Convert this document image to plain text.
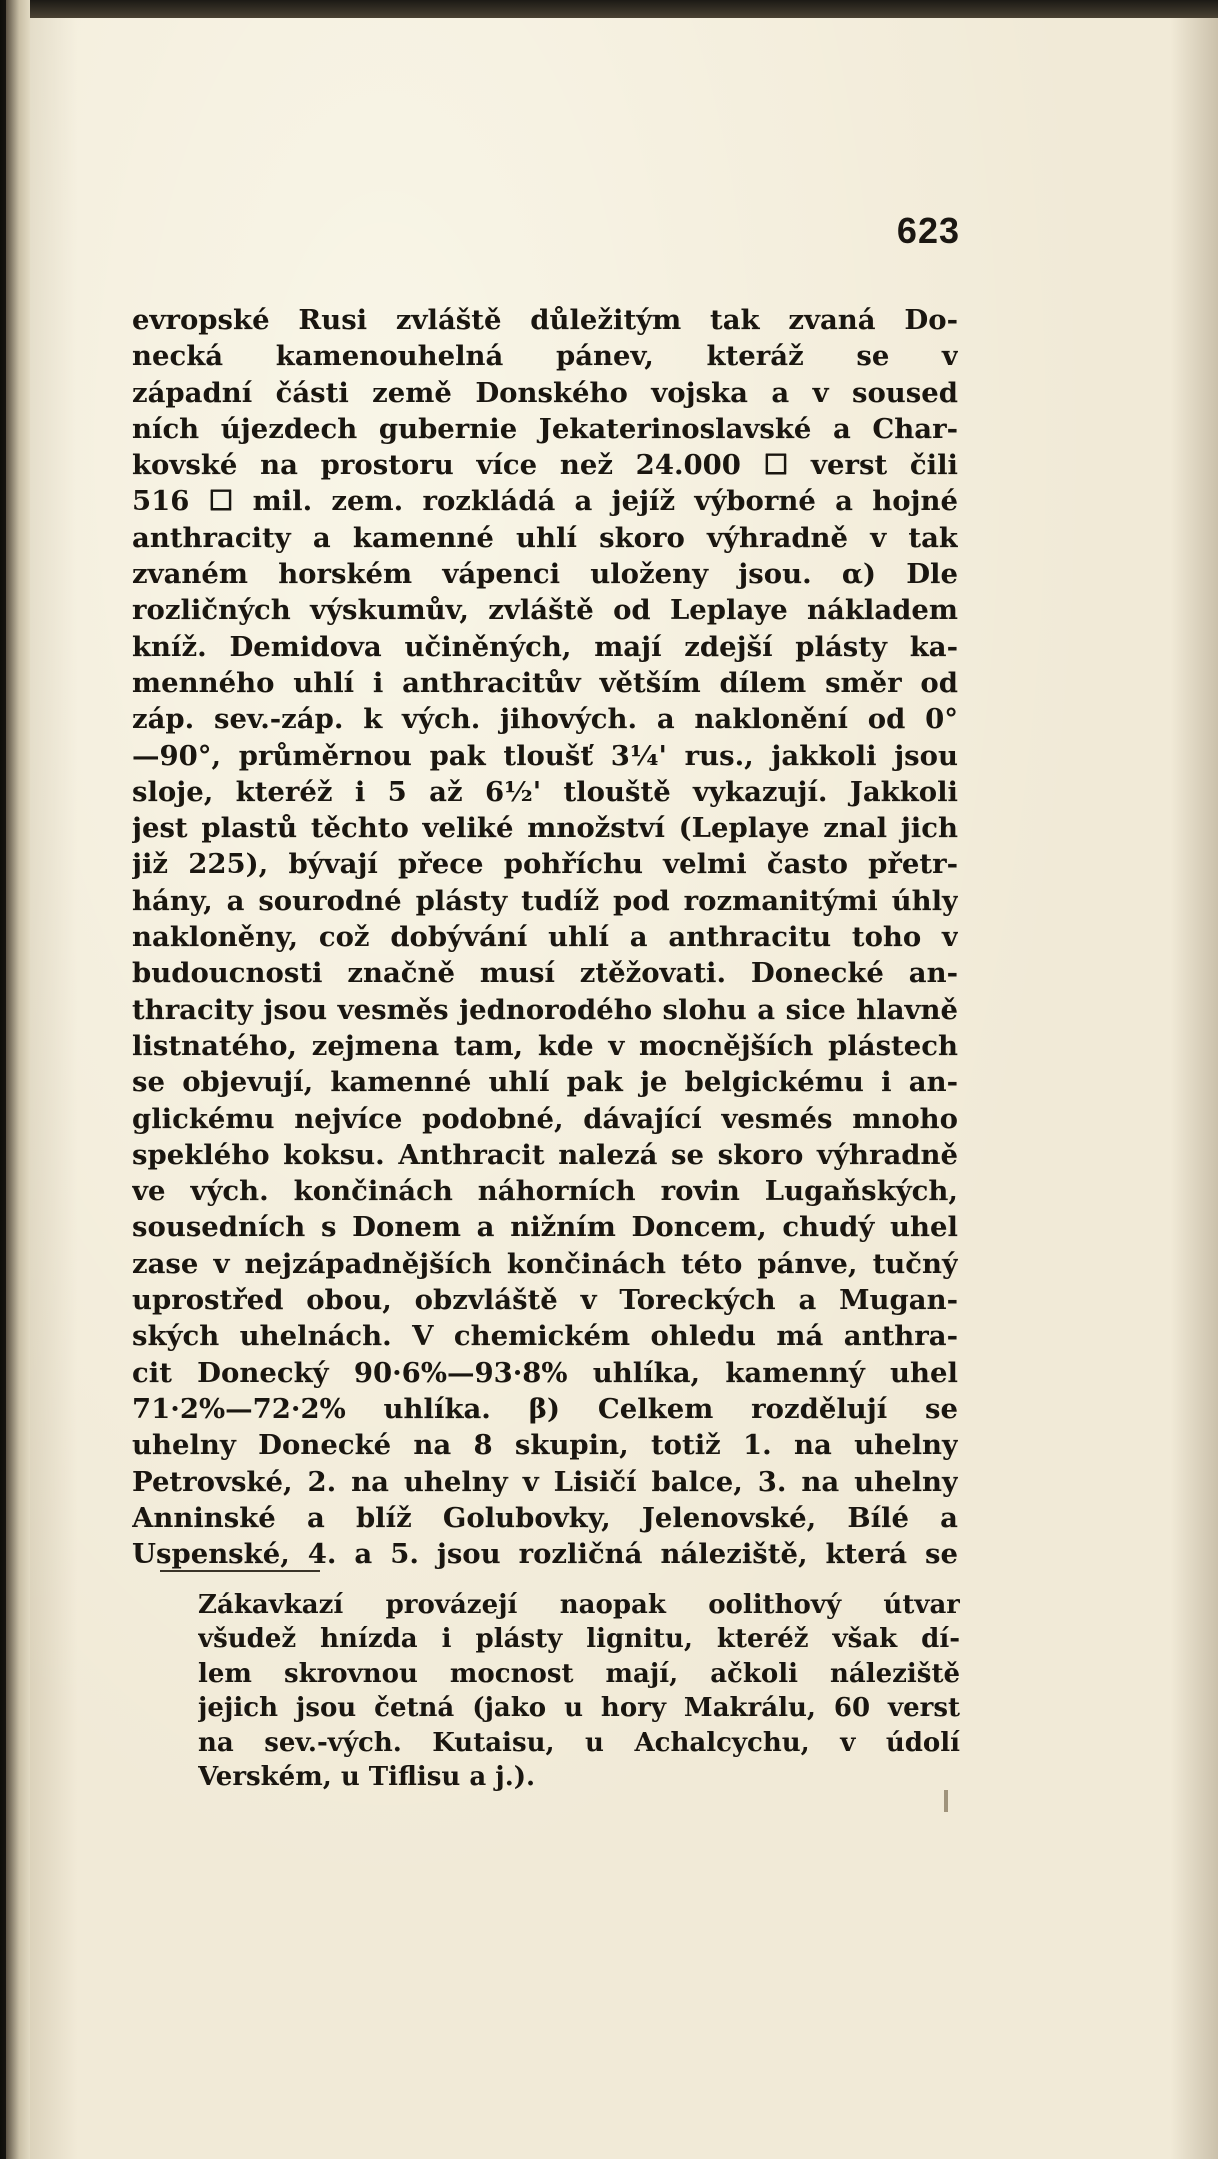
623
evropské Rusi zvláště důležitým tak zvaná Do-
necká kamenouhelná pánev, kteráž se v
západní části země Donského vojska a v soused
ních újezdech gubernie Jekaterinoslavské a Char-
kovské na prostoru více než 24.000 ☐ verst čili
516 ☐ mil. zem. rozkládá a jejíž výborné a hojné
anthracity a kamenné uhlí skoro výhradně v tak
zvaném horském vápenci uloženy jsou. α) Dle
rozličných výskumův, zvláště od Leplaye nákladem
kníž. Demidova učiněných, mají zdejší plásty ka-
menného uhlí i anthracitův větším dílem směr od
záp. sev.-záp. k vých. jihových. a naklonění od 0°
—90°, průměrnou pak tloušť 3¼' rus., jakkoli jsou
sloje, kteréž i 5 až 6½' tlouště vykazují. Jakkoli
jest plastů těchto veliké množství (Leplaye znal jich
již 225), bývají přece pohříchu velmi často přetr-
hány, a sourodné plásty tudíž pod rozmanitými úhly
nakloněny, což dobývání uhlí a anthracitu toho v
budoucnosti značně musí ztěžovati. Donecké an-
thracity jsou vesměs jednorodého slohu a sice hlavně
listnatého, zejmena tam, kde v mocnějších plástech
se objevují, kamenné uhlí pak je belgickému i an-
glickému nejvíce podobné, dávající vesmés mnoho
speklého koksu. Anthracit nalezá se skoro výhradně
ve vých. končinách náhorních rovin Lugaňských,
sousedních s Donem a nižním Doncem, chudý uhel
zase v nejzápadnějších končinách této pánve, tučný
uprostřed obou, obzvláště v Toreckých a Mugan-
ských uhelnách. V chemickém ohledu má anthra-
cit Donecký 90·6%—93·8% uhlíka, kamenný uhel
71·2%—72·2% uhlíka. β) Celkem rozdělují se
uhelny Donecké na 8 skupin, totiž 1. na uhelny
Petrovské, 2. na uhelny v Lisičí balce, 3. na uhelny
Anninské a blíž Golubovky, Jelenovské, Bílé a
Uspenské, 4. a 5. jsou rozličná náleziště, která se
Zákavkazí provázejí naopak oolithový útvar
všudež hnízda i plásty lignitu, kteréž však dí-
lem skrovnou mocnost mají, ačkoli náleziště
jejich jsou četná (jako u hory Makrálu, 60 verst
na sev.-vých. Kutaisu, u Achalcychu, v údolí
Verském, u Tiflisu a j.).
